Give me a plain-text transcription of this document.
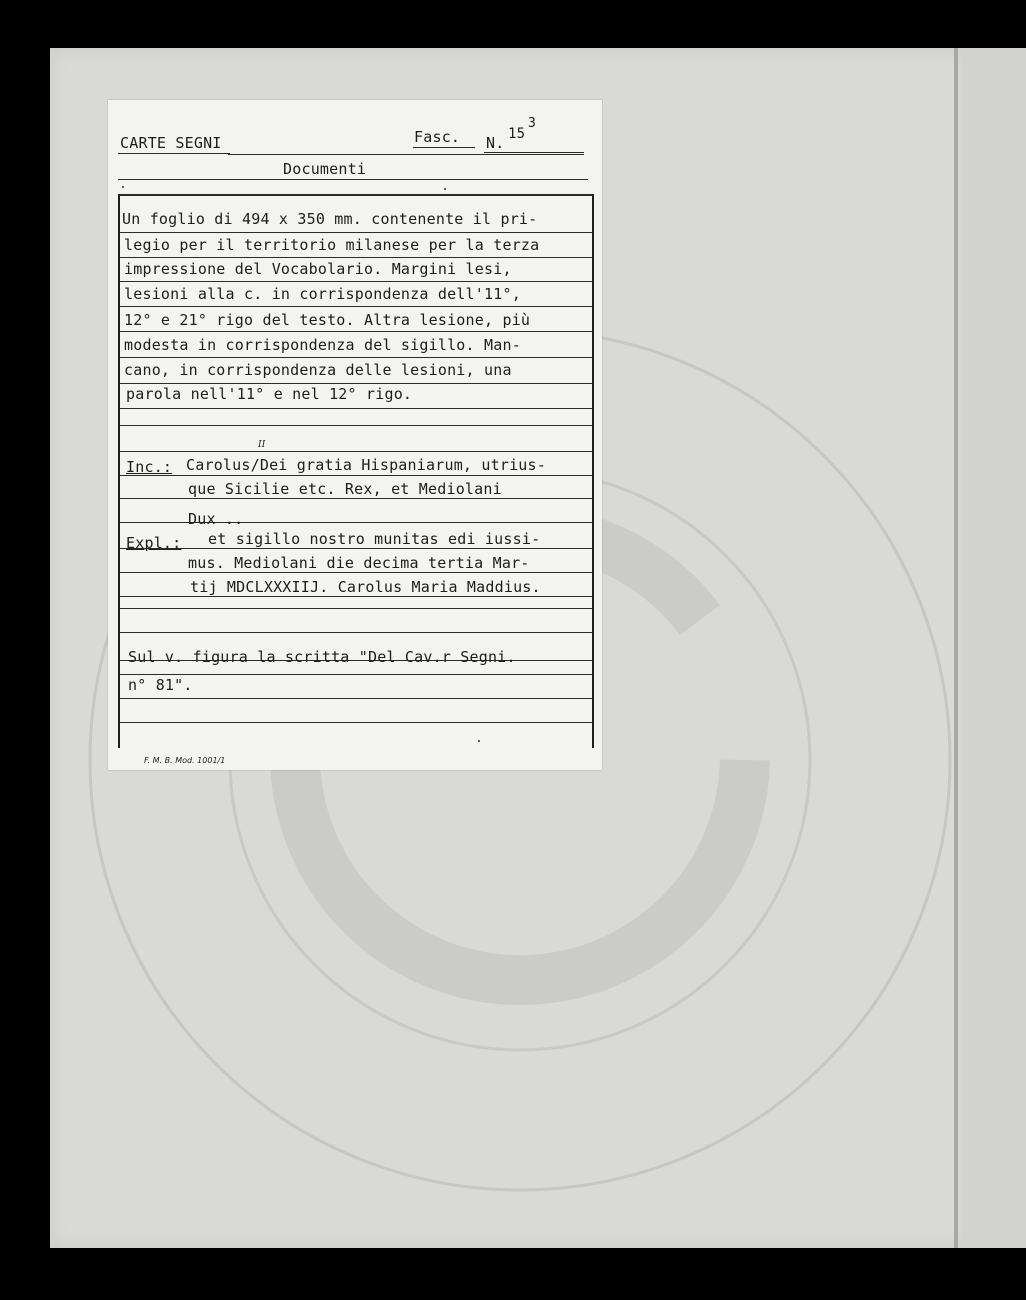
CARTE SEGNI	Fasc. N. 15
3
Documenti
Un foglio di 494 x 350 mm. contenente il pri-
legio per il territorio milanese per la terza
impressione del Vocabolario. Margini lesi,
lesioni alla c. in corrispondenza dell'11°,
12° e 21° rigo del testo. Altra lesione, più
modesta in corrispondenza del sigillo. Man-
cano, in corrispondenza delle lesioni, una
parola nell'11° e nel 12° rigo.
Inc.: Carolus/Dei gratia Hispaniarum, utrius-
II
que Sicilie etc. Rex, et Mediolani
Dux ..
Expl.: et sigillo nostro munitas edi iussi-
mus. Mediolani die decima tertia Mar-
tij MDCLXXXIIJ. Carolus Maria Maddius.
Sul v. figura la scritta "Del Cav.r Segni.
n° 81".
F. M. B. Mod. 1001/1
